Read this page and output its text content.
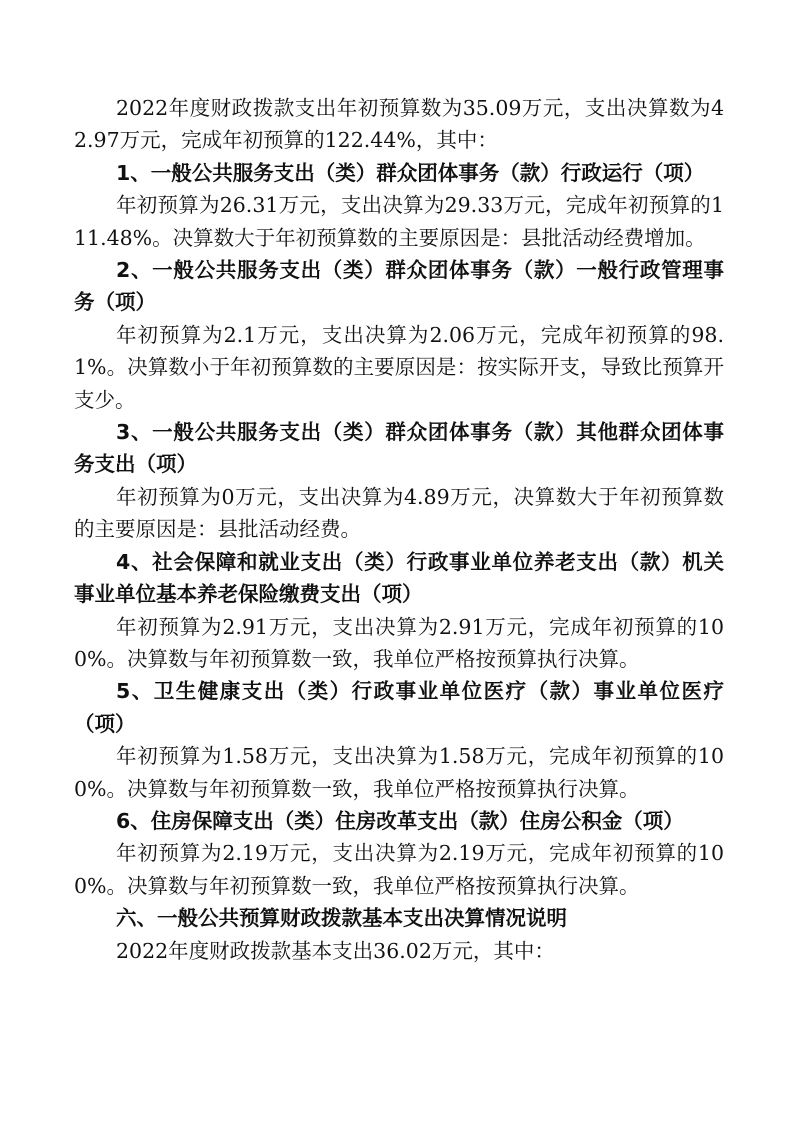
2022年度财政拨款支出年初预算数为35.09万元，支出决算数为42.97万元，完成年初预算的122.44%，其中：

1、一般公共服务支出（类）群众团体事务（款）行政运行（项）

年初预算为26.31万元，支出决算为29.33万元，完成年初预算的111.48%。决算数大于年初预算数的主要原因是：县批活动经费增加。

2、一般公共服务支出（类）群众团体事务（款）一般行政管理事务（项）

年初预算为2.1万元，支出决算为2.06万元，完成年初预算的98.1%。决算数小于年初预算数的主要原因是：按实际开支，导致比预算开支少。

3、一般公共服务支出（类）群众团体事务（款）其他群众团体事务支出（项）

年初预算为0万元，支出决算为4.89万元，决算数大于年初预算数的主要原因是：县批活动经费。

4、社会保障和就业支出（类）行政事业单位养老支出（款）机关事业单位基本养老保险缴费支出（项）

年初预算为2.91万元，支出决算为2.91万元，完成年初预算的100%。决算数与年初预算数一致，我单位严格按预算执行决算。

5、卫生健康支出（类）行政事业单位医疗（款）事业单位医疗（项）

年初预算为1.58万元，支出决算为1.58万元，完成年初预算的100%。决算数与年初预算数一致，我单位严格按预算执行决算。

6、住房保障支出（类）住房改革支出（款）住房公积金（项）

年初预算为2.19万元，支出决算为2.19万元，完成年初预算的100%。决算数与年初预算数一致，我单位严格按预算执行决算。

六、一般公共预算财政拨款基本支出决算情况说明

2022年度财政拨款基本支出36.02万元，其中：
